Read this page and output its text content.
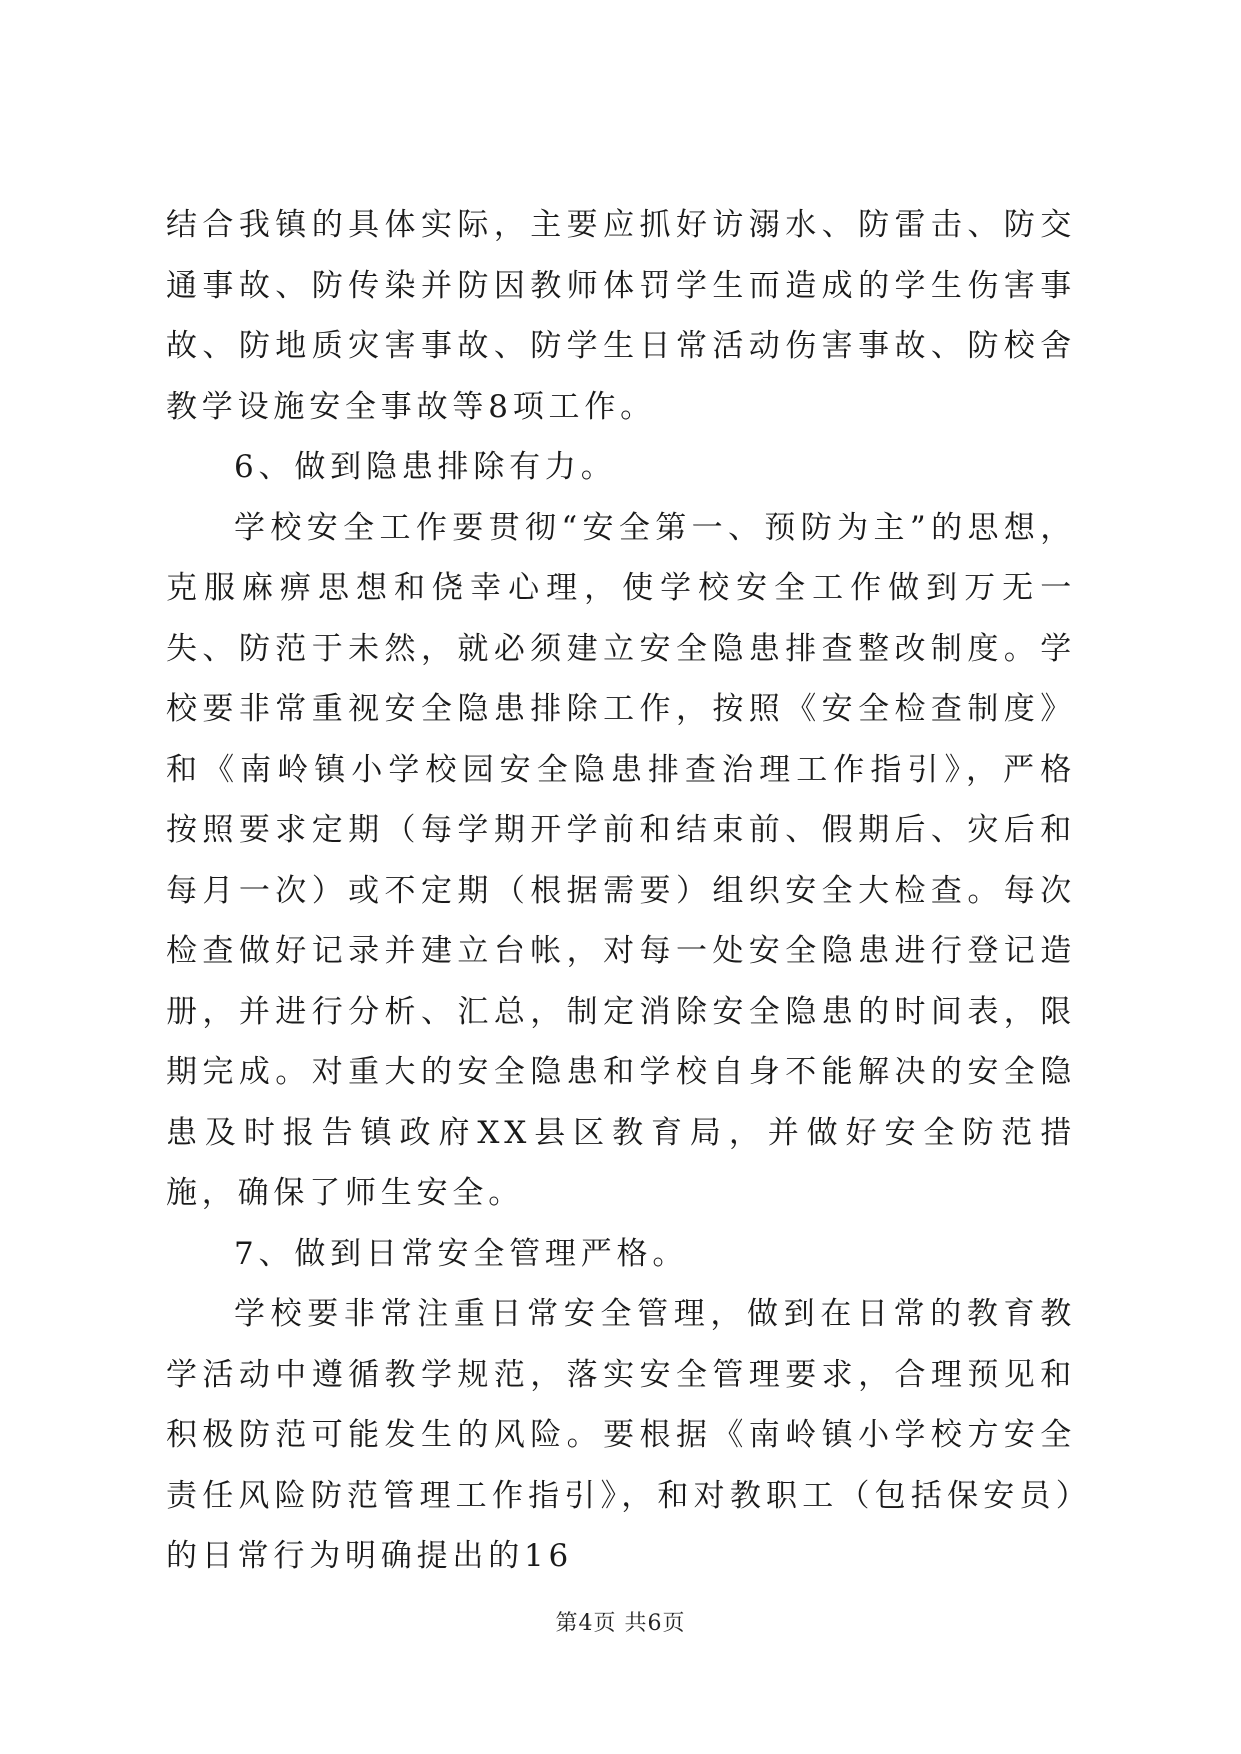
结合我镇的具体实际，主要应抓好访溺水、防雷击、防交通事故、防传染并防因教师体罚学生而造成的学生伤害事故、防地质灾害事故、防学生日常活动伤害事故、防校舍教学设施安全事故等8项工作。

6、做到隐患排除有力。

学校安全工作要贯彻“安全第一、预防为主”的思想，克服麻痹思想和侥幸心理，使学校安全工作做到万无一失、防范于未然，就必须建立安全隐患排查整改制度。学校要非常重视安全隐患排除工作，按照《安全检查制度》和《南岭镇小学校园安全隐患排查治理工作指引》，严格按照要求定期（每学期开学前和结束前、假期后、灾后和每月一次）或不定期（根据需要）组织安全大检查。每次检查做好记录并建立台帐，对每一处安全隐患进行登记造册，并进行分析、汇总，制定消除安全隐患的时间表，限期完成。对重大的安全隐患和学校自身不能解决的安全隐患及时报告镇政府XX县区教育局，并做好安全防范措施，确保了师生安全。

7、做到日常安全管理严格。

学校要非常注重日常安全管理，做到在日常的教育教学活动中遵循教学规范，落实安全管理要求，合理预见和积极防范可能发生的风险。要根据《南岭镇小学校方安全责任风险防范管理工作指引》，和对教职工（包括保安员）的日常行为明确提出的16

第4页 共6页
